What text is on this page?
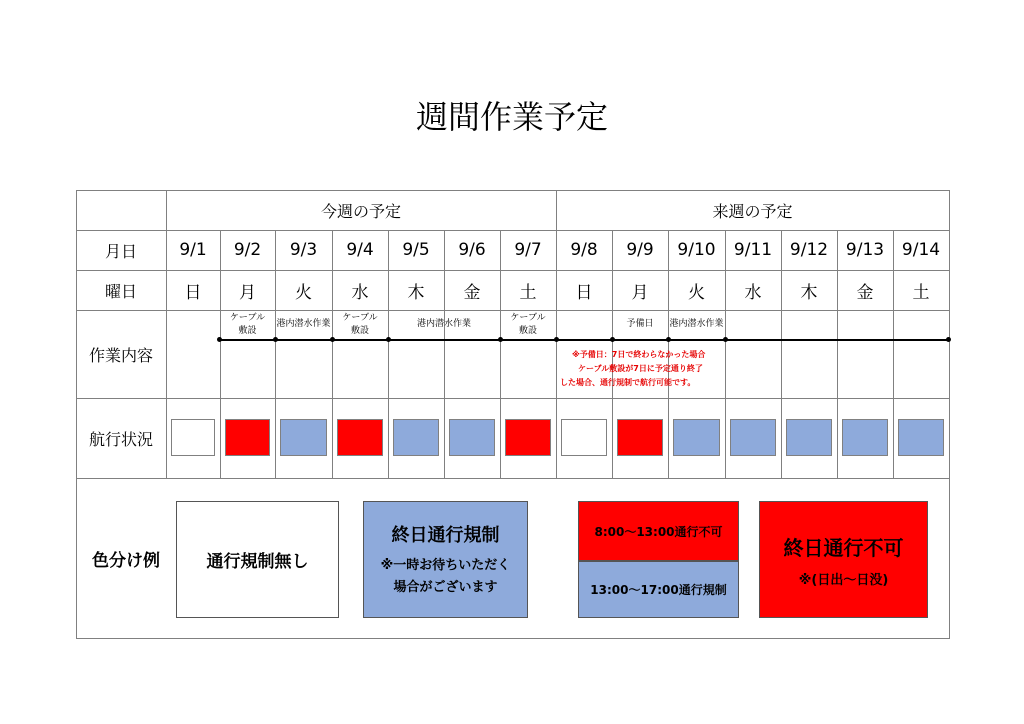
週間作業予定
今週の予定	来週の予定
月日
曜日
作業内容
航行状況
色分け例
9/1
日
9/2
月
9/3
火
9/4
水
9/5
木
9/6
金
9/7
土
9/8
日
9/9
月
9/10
火
9/11
水
9/12
木
9/13
金
9/14
土
ケーブル
敷設
港内潜水作業
ケーブル
敷設
港内潜水作業
ケーブル
敷設
予備日 港内潜水作業
※予備日：7日で終わらなかった場合
ケーブル敷設が7日に予定通り終了
した場合、通行規制で航行可能です。
通行規制無し
終日通行規制
※一時お待ちいただく
場合がございます
8:00～13:00通行不可
13:00～17:00通行規制
終日通行不可
※(日出～日没)
